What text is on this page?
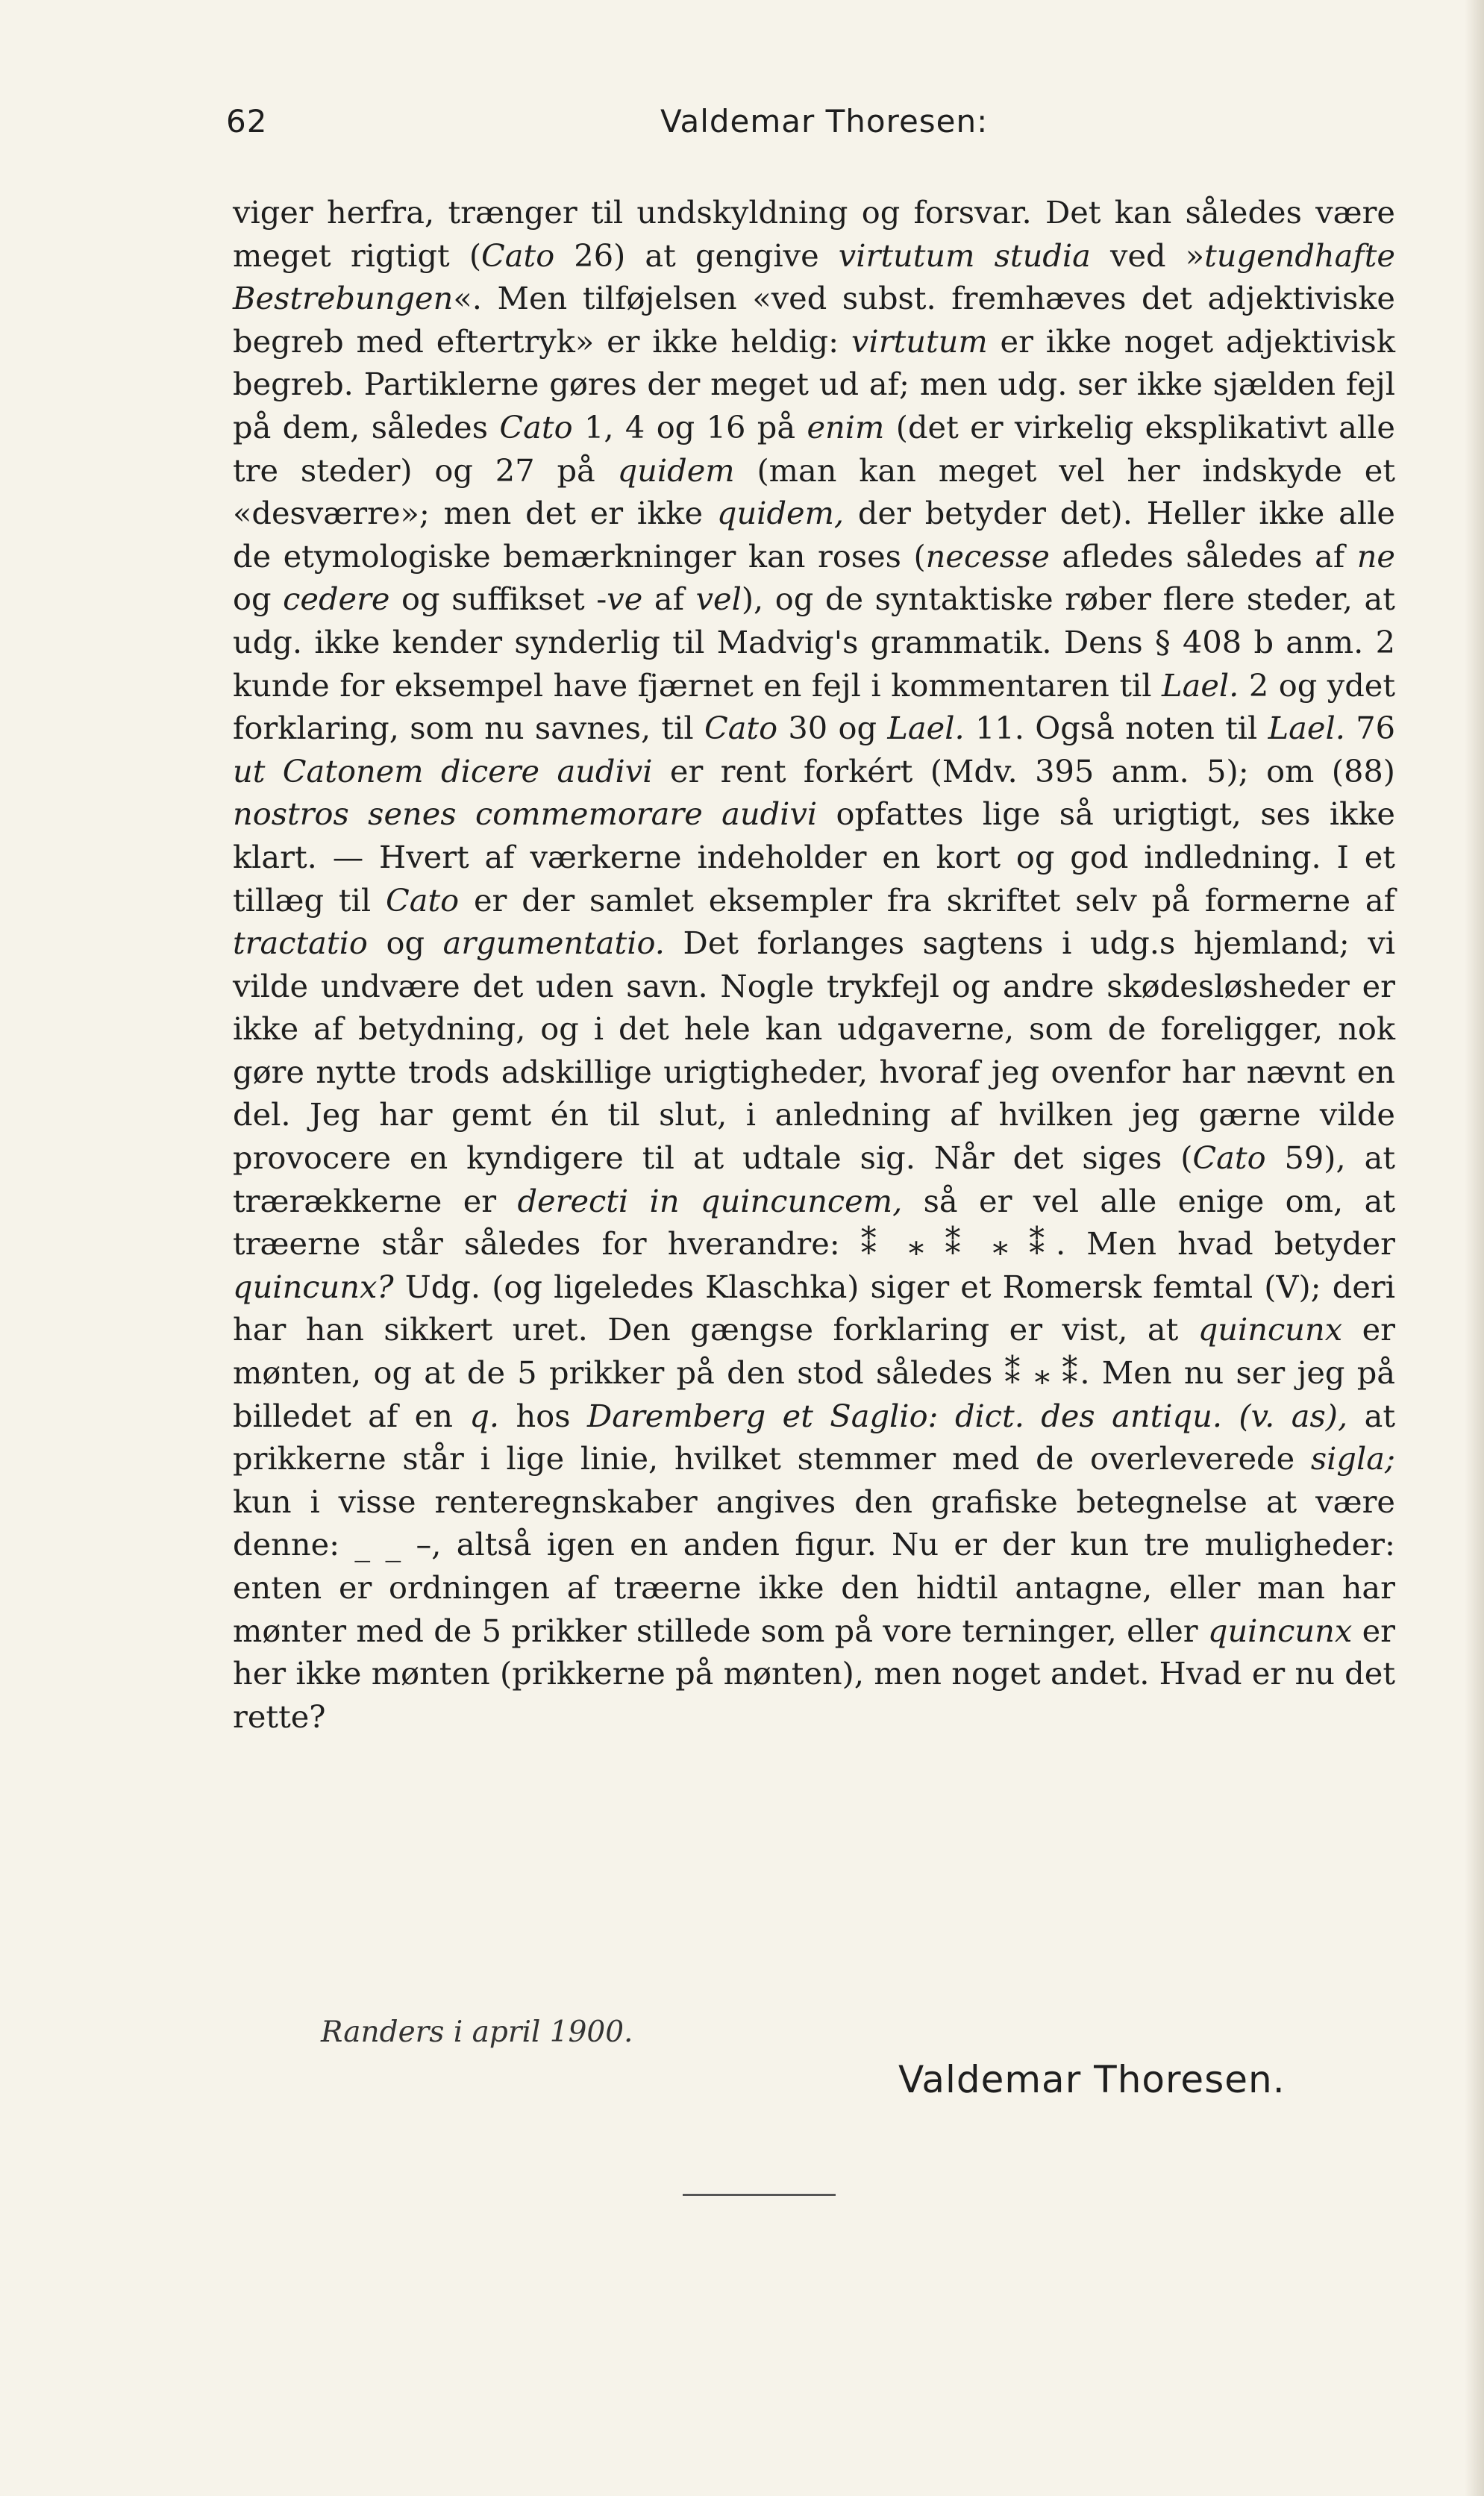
62	Valdemar Thoresen:

viger herfra, trænger til undskyldning og forsvar. Det kan således være meget rigtigt (Cato 26) at gengive virtutum studia ved »tugendhafte Bestrebungen«. Men tilføjelsen «ved subst. fremhæves det adjektiviske begreb med eftertryk» er ikke heldig: virtutum er ikke noget adjektivisk begreb. Partiklerne gøres der meget ud af; men udg. ser ikke sjælden fejl på dem, således Cato 1, 4 og 16 på enim (det er virkelig eksplikativt alle tre steder) og 27 på quidem (man kan meget vel her indskyde et «desværre»; men det er ikke quidem, der betyder det). Heller ikke alle de etymologiske bemærkninger kan roses (necesse afledes således af ne og cedere og suffikset -ve af vel), og de syntaktiske røber flere steder, at udg. ikke kender synderlig til Madvig's grammatik. Dens § 408 b anm. 2 kunde for eksempel have fjærnet en fejl i kommentaren til Lael. 2 og ydet forklaring, som nu savnes, til Cato 30 og Lael. 11. Også noten til Lael. 76 ut Catonem dicere audivi er rent forkért (Mdv. 395 anm. 5); om (88) nostros senes commemorare audivi opfattes lige så urigtigt, ses ikke klart. — Hvert af værkerne indeholder en kort og god indledning. I et tillæg til Cato er der samlet eksempler fra skriftet selv på formerne af tractatio og argumentatio. Det forlanges sagtens i udg.s hjemland; vi vilde undvære det uden savn. Nogle trykfejl og andre skødesløsheder er ikke af betydning, og i det hele kan udgaverne, som de foreligger, nok gøre nytte trods adskillige urigtigheder, hvoraf jeg ovenfor har nævnt en del. Jeg har gemt én til slut, i anledning af hvilken jeg gærne vilde provocere en kyndigere til at udtale sig. Når det siges (Cato 59), at trærækkerne er derecti in quincuncem, så er vel alle enige om, at træerne står således for hverandre: ⁑ ⁎ ⁑ ⁎ ⁑. Men hvad betyder quincunx? Udg. (og ligeledes Klaschka) siger et Romersk femtal (V); deri har han sikkert uret. Den gængse forklaring er vist, at quincunx er mønten, og at de 5 prikker på den stod således ⁑ ⁎ ⁑. Men nu ser jeg på billedet af en q. hos Daremberg et Saglio: dict. des antiqu. (v. as), at prikkerne står i lige linie, hvilket stemmer med de overleverede sigla; kun i visse renteregnskaber angives den grafiske betegnelse at være denne: _ _ –, altså igen en anden figur. Nu er der kun tre muligheder: enten er ordningen af træerne ikke den hidtil antagne, eller man har mønter med de 5 prikker stillede som på vore terninger, eller quincunx er her ikke mønten (prikkerne på mønten), men noget andet. Hvad er nu det rette?

Randers i april 1900.
Valdemar Thoresen.
